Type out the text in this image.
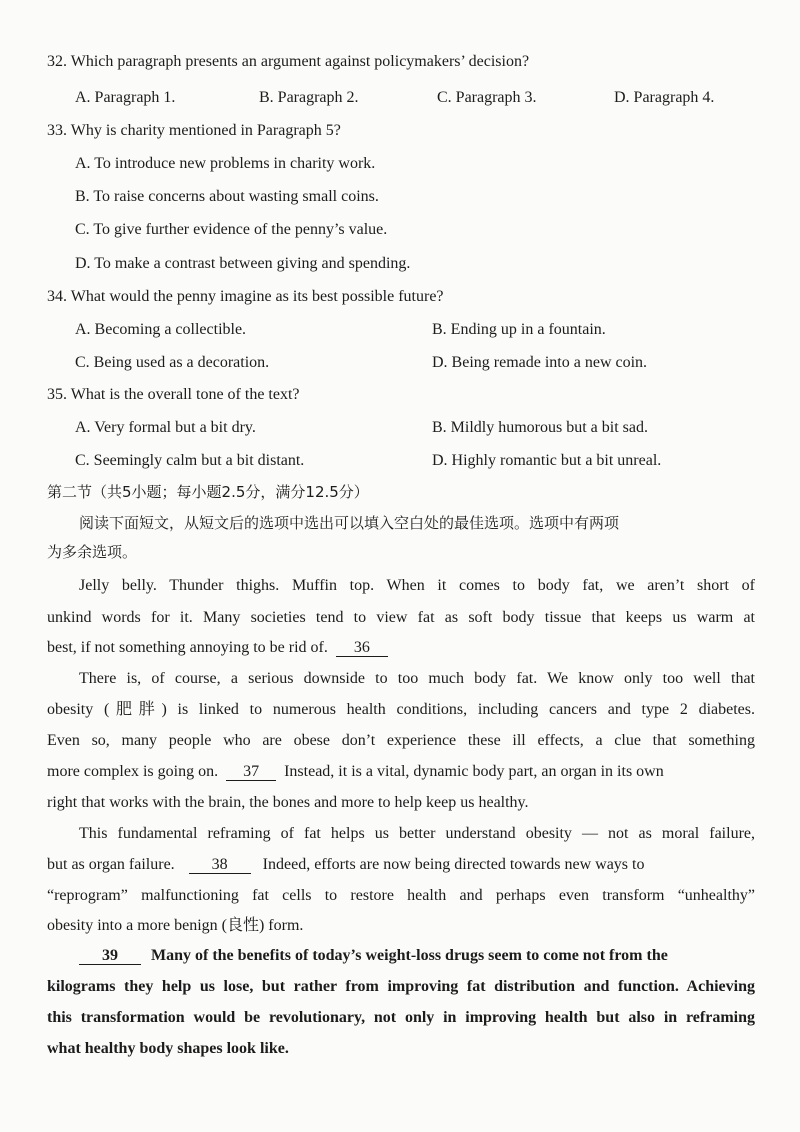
32. Which paragraph presents an argument against policymakers’ decision?
A. Paragraph 1.	B. Paragraph 2.	C. Paragraph 3.	D. Paragraph 4.
33. Why is charity mentioned in Paragraph 5?
A. To introduce new problems in charity work.
B. To raise concerns about wasting small coins.
C. To give further evidence of the penny’s value.
D. To make a contrast between giving and spending.
34. What would the penny imagine as its best possible future?
A. Becoming a collectible.	B. Ending up in a fountain.
C. Being used as a decoration.	D. Being remade into a new coin.
35. What is the overall tone of the text?
A. Very formal but a bit dry.	B. Mildly humorous but a bit sad.
C. Seemingly calm but a bit distant.	D. Highly romantic but a bit unreal.
第二节（共5小题；每小题2.5分，满分12.5分）
阅读下面短文，从短文后的选项中选出可以填入空白处的最佳选项。选项中有两项
为多余选项。
Jelly belly. Thunder thighs. Muffin top. When it comes to body fat, we aren’t short of
unkind words for it. Many societies tend to view fat as soft body tissue that keeps us warm at
best, if not something annoying to be rid of. 36
There is, of course, a serious downside to too much body fat. We know only too well that
obesity (肥胖) is linked to numerous health conditions, including cancers and type 2 diabetes.
Even so, many people who are obese don’t experience these ill effects, a clue that something
more complex is going on. 37 Instead, it is a vital, dynamic body part, an organ in its own
right that works with the brain, the bones and more to help keep us healthy.
This fundamental reframing of fat helps us better understand obesity — not as moral failure,
but as organ failure. 38 Indeed, efforts are now being directed towards new ways to
“reprogram” malfunctioning fat cells to restore health and perhaps even transform “unhealthy”
obesity into a more benign (良性) form.
39 Many of the benefits of today’s weight-loss drugs seem to come not from the
kilograms they help us lose, but rather from improving fat distribution and function. Achieving
this transformation would be revolutionary, not only in improving health but also in reframing
what healthy body shapes look like.
